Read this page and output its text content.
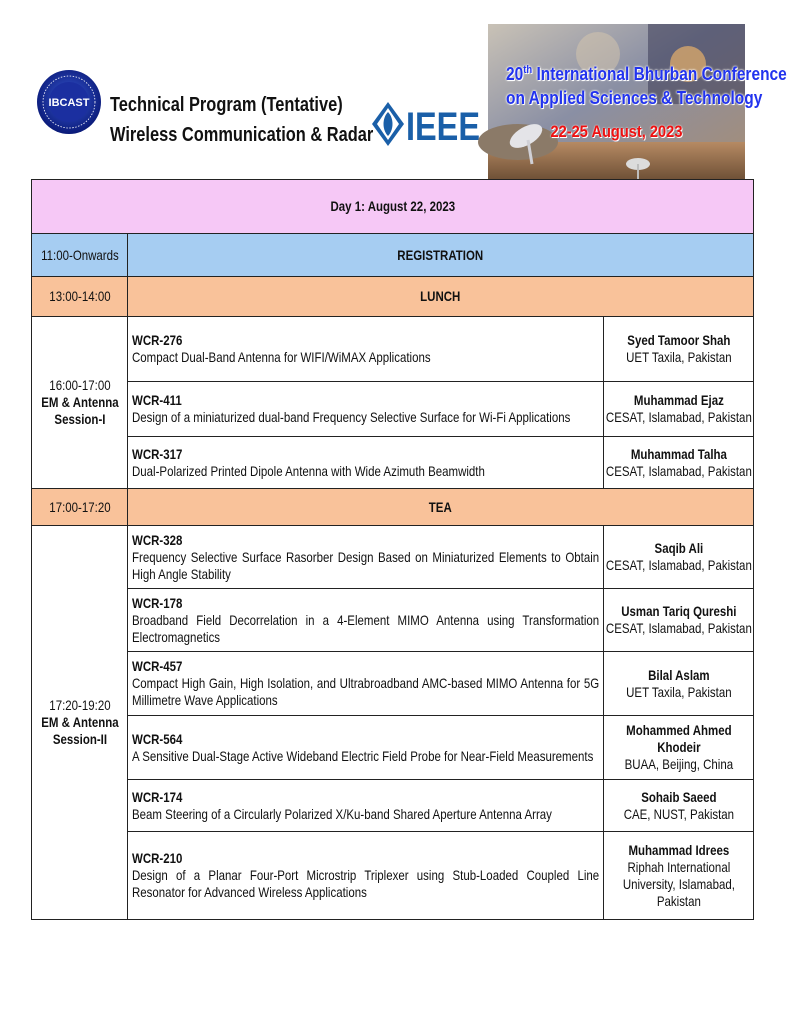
IBCAST Technical Program (Tentative)
Wireless Communication & Radar IEEE
20th International Bhurban Conference
on Applied Sciences & Technology
22-25 August, 2023
Day 1: August 22, 2023		

11:00-Onwards	REGISTRATION	

13:00-14:00	LUNCH	

16:00-17:00
EM & Antenna
Session-I	WCR-276
Compact Dual-Band Antenna for WIFI/WiMAX Applications	Syed Tamoor Shah
UET Taxila, Pakistan

	WCR-411
Design of a miniaturized dual-band Frequency Selective Surface for Wi-Fi Applications	Muhammad Ejaz
CESAT, Islamabad, Pakistan

	WCR-317
Dual-Polarized Printed Dipole Antenna with Wide Azimuth Beamwidth	Muhammad Talha
CESAT, Islamabad, Pakistan

17:00-17:20	TEA	

17:20-19:20
EM & Antenna
Session-II	WCR-328
Frequency Selective Surface Rasorber Design Based on Miniaturized Elements to Obtain High Angle Stability	Saqib Ali
CESAT, Islamabad, Pakistan

	WCR-178
Broadband Field Decorrelation in a 4-Element MIMO Antenna using Transformation Electromagnetics	Usman Tariq Qureshi
CESAT, Islamabad, Pakistan

	WCR-457
Compact High Gain, High Isolation, and Ultrabroadband AMC-based MIMO Antenna for 5G Millimetre Wave Applications	Bilal Aslam
UET Taxila, Pakistan

	WCR-564
A Sensitive Dual-Stage Active Wideband Electric Field Probe for Near-Field Measurements	Mohammed Ahmed Khodeir
BUAA, Beijing, China

	WCR-174
Beam Steering of a Circularly Polarized X/Ku-band Shared Aperture Antenna Array	Sohaib Saeed
CAE, NUST, Pakistan

	WCR-210
Design of a Planar Four-Port Microstrip Triplexer using Stub-Loaded Coupled Line Resonator for Advanced Wireless Applications	Muhammad Idrees
Riphah International University, Islamabad, Pakistan
